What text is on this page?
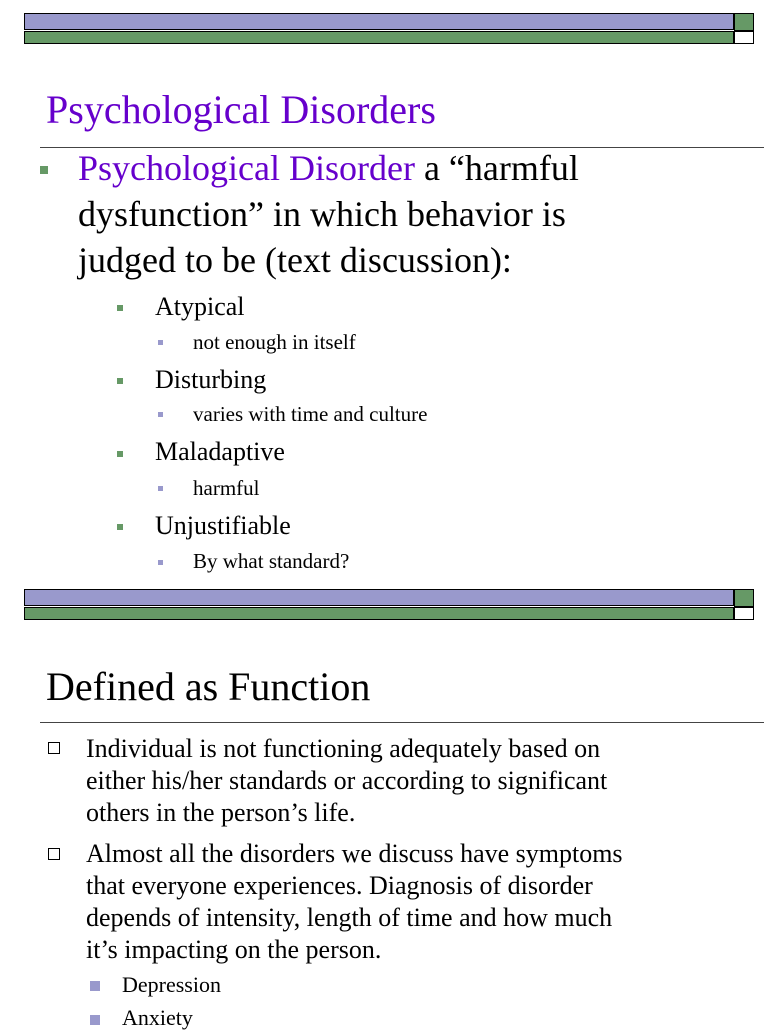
Psychological Disorders
Psychological Disorder a “harmful
dysfunction” in which behavior is
judged to be (text discussion):
Atypical
not enough in itself
Disturbing
varies with time and culture
Maladaptive
harmful
Unjustifiable
By what standard?
Defined as Function
Individual is not functioning adequately based on
either his/her standards or according to significant
others in the person’s life.
Almost all the disorders we discuss have symptoms
that everyone experiences. Diagnosis of disorder
depends of intensity, length of time and how much
it’s impacting on the person.
Depression
Anxiety
